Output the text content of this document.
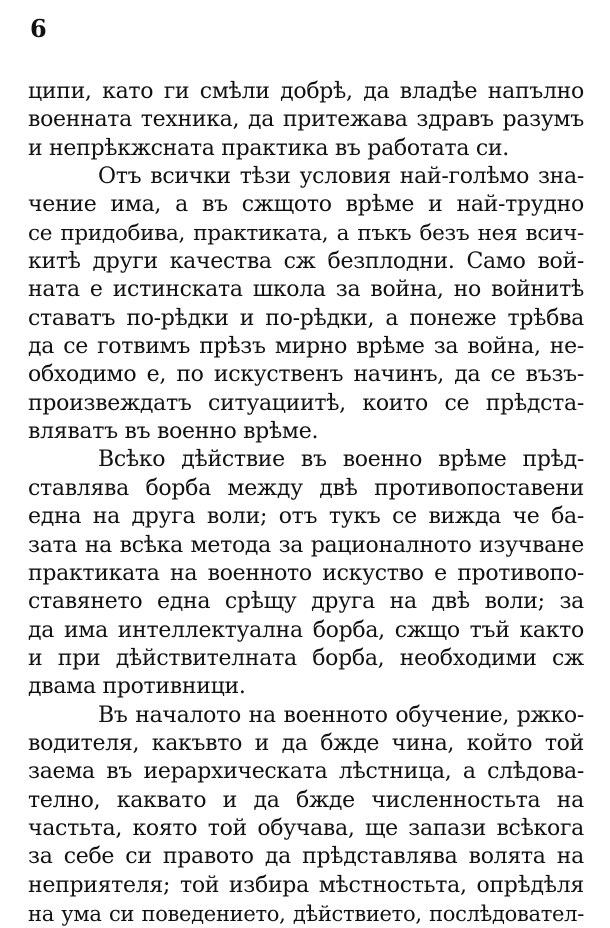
6

ципи, като ги смѣли добрѣ, да владѣе напълно
военната техника, да притежава здравъ разумъ
и непрѣкжснатa практика въ работата си.
Отъ всички тѣзи условия най-голѣмо зна-
чение има, а въ сжщото врѣме и най-трудно
се придобива, практиката, а пъкъ безъ нея всич-
китѣ други качества сж безплодни. Само вой-
ната е истинската школа за война, но войнитѣ
ставатъ по-рѣдки и по-рѣдки, а понеже трѣбва
да се готвимъ прѣзъ мирно врѣме за война, не-
обходимо е, по искуственъ начинъ, да се възъ-
произвеждатъ ситуациитѣ, които се прѣдста-
вляватъ въ военно врѣме.
Всѣко дѣйствие въ военно врѣме прѣд-
ставлява борба между двѣ противопоставени
една на друга воли; отъ тукъ се вижда че ба-
зата на всѣка метода за рационалното изучване
практиката на военното искуство е противопо-
ставянето една срѣщу друга на двѣ воли; за
да има интеллектуална борба, сжщо тъй както
и при дѣйствителната борба, необходими сж
двама противници.
Въ началото на военното обучение, ржко-
водителя, какъвто и да бжде чина, който той
заема въ иерархическата лѣстница, а слѣдова-
телно, каквато и да бжде численностьта на
частьта, която той обучава, ще запази всѣкога
за себе си правото да прѣдставлява волята на
неприятеля; той избира мѣстностьта, опрѣдѣля
на ума си поведението, дѣйствието, послѣдовател-
